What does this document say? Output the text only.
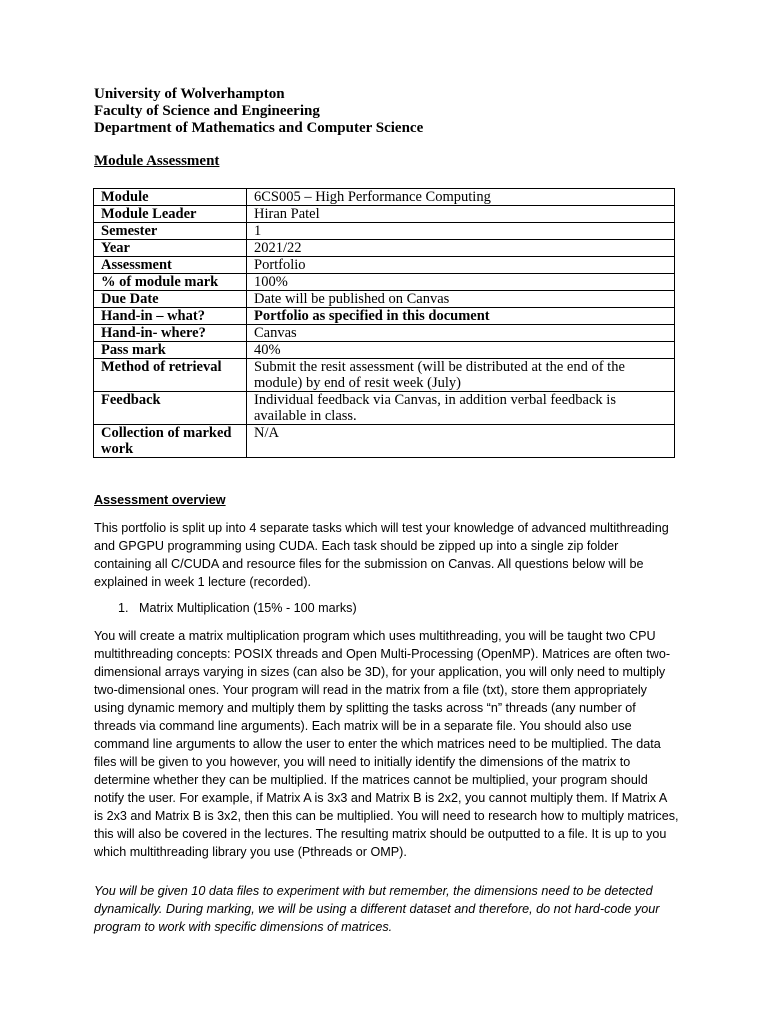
University of Wolverhampton
Faculty of Science and Engineering
Department of Mathematics and Computer Science
Module Assessment
Module	6CS005 – High Performance Computing
Module Leader	Hiran Patel
Semester	1
Year	2021/22
Assessment	Portfolio
% of module mark	100%
Due Date	Date will be published on Canvas
Hand-in – what?	Portfolio as specified in this document
Hand-in- where?	Canvas
Pass mark	40%
Method of retrieval	Submit the resit assessment (will be distributed at the end of the module) by end of resit week (July)
Feedback	Individual feedback via Canvas, in addition verbal feedback is available in class.
Collection of marked work	N/A
Assessment overview

This portfolio is split up into 4 separate tasks which will test your knowledge of advanced multithreading and GPGPU programming using CUDA. Each task should be zipped up into a single zip folder containing all C/CUDA and resource files for the submission on Canvas. All questions below will be explained in week 1 lecture (recorded).

1. Matrix Multiplication (15% - 100 marks)

You will create a matrix multiplication program which uses multithreading, you will be taught two CPU multithreading concepts: POSIX threads and Open Multi-Processing (OpenMP). Matrices are often two-dimensional arrays varying in sizes (can also be 3D), for your application, you will only need to multiply two-dimensional ones. Your program will read in the matrix from a file (txt), store them appropriately using dynamic memory and multiply them by splitting the tasks across “n” threads (any number of threads via command line arguments). Each matrix will be in a separate file. You should also use command line arguments to allow the user to enter the which matrices need to be multiplied. The data files will be given to you however, you will need to initially identify the dimensions of the matrix to determine whether they can be multiplied. If the matrices cannot be multiplied, your program should notify the user. For example, if Matrix A is 3x3 and Matrix B is 2x2, you cannot multiply them. If Matrix A is 2x3 and Matrix B is 3x2, then this can be multiplied. You will need to research how to multiply matrices, this will also be covered in the lectures. The resulting matrix should be outputted to a file. It is up to you which multithreading library you use (Pthreads or OMP).

You will be given 10 data files to experiment with but remember, the dimensions need to be detected dynamically. During marking, we will be using a different dataset and therefore, do not hard-code your program to work with specific dimensions of matrices.
